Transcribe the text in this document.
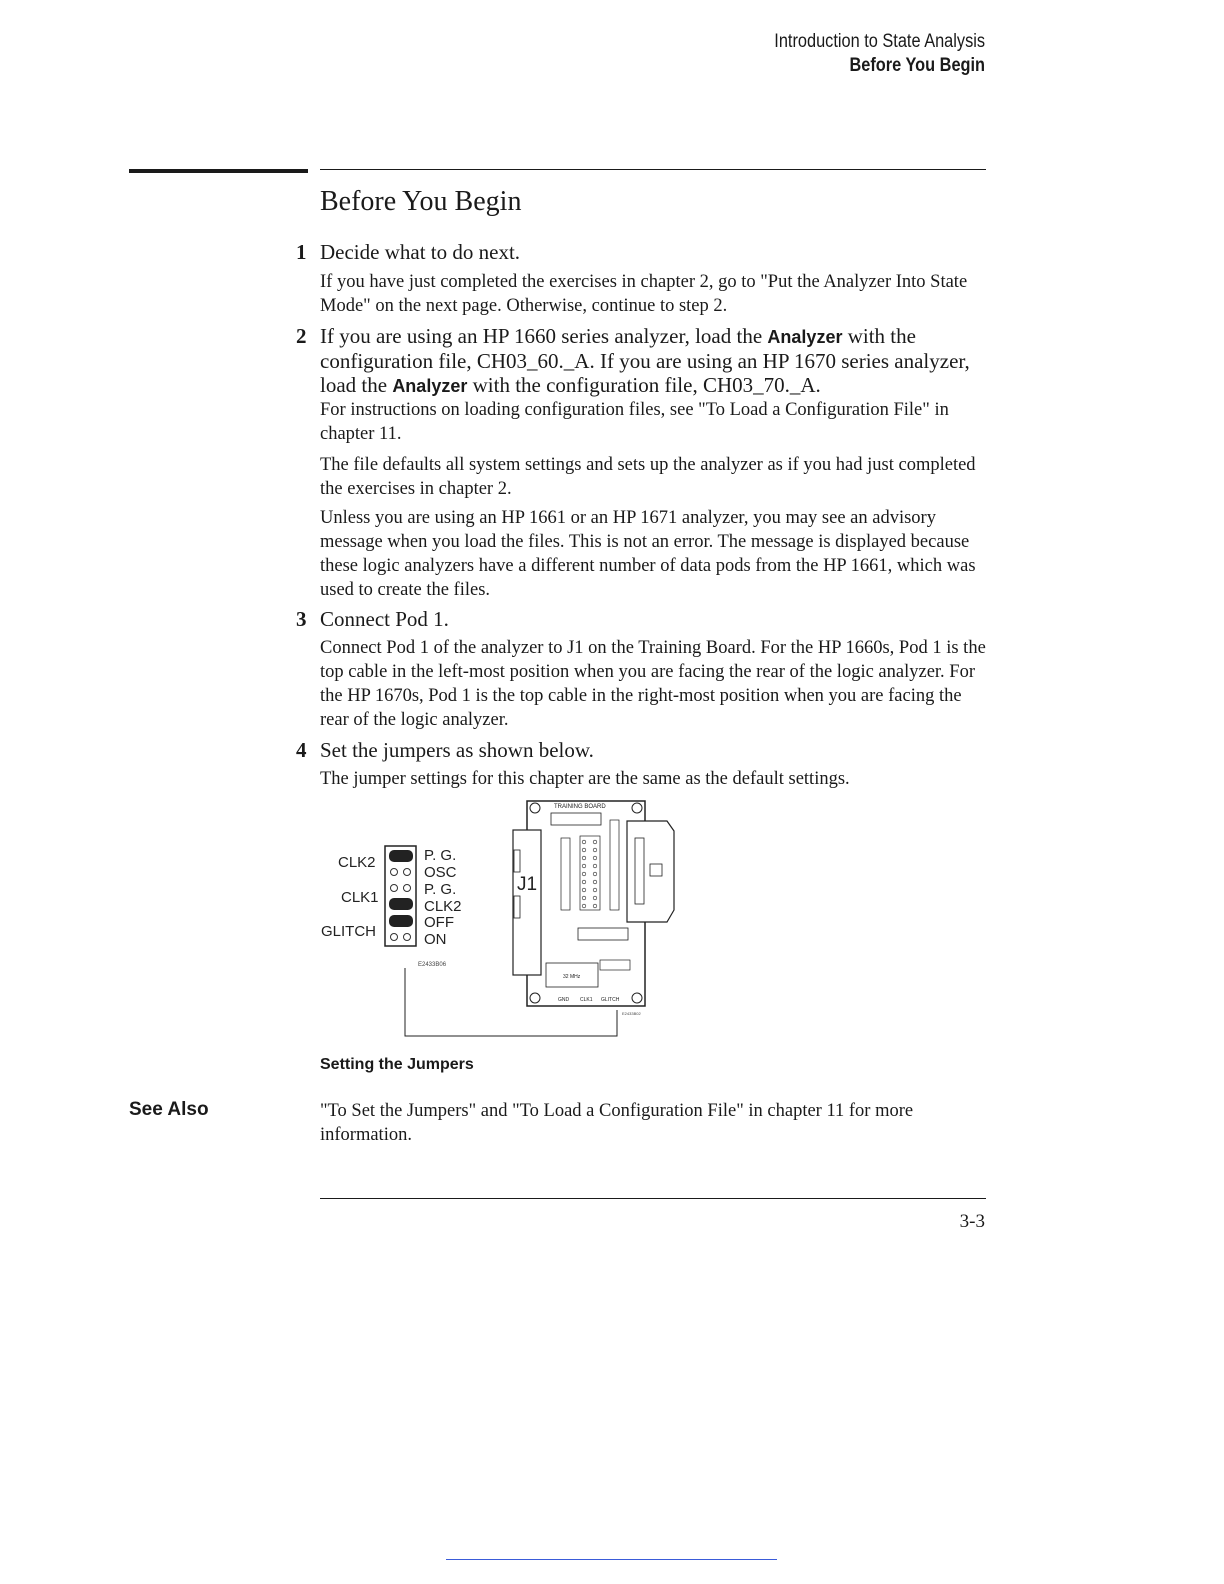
Introduction to State Analysis
Before You Begin
Before You Begin
1 Decide what to do next.
If you have just completed the exercises in chapter 2, go to "Put the Analyzer Into State Mode" on the next page. Otherwise, continue to step 2.
2 If you are using an HP 1660 series analyzer, load the Analyzer with the configuration file, CH03_60._A. If you are using an HP 1670 series analyzer, load the Analyzer with the configuration file, CH03_70._A.
For instructions on loading configuration files, see "To Load a Configuration File" in chapter 11.
The file defaults all system settings and sets up the analyzer as if you had just completed the exercises in chapter 2.
Unless you are using an HP 1661 or an HP 1671 analyzer, you may see an advisory message when you load the files. This is not an error. The message is displayed because these logic analyzers have a different number of data pods from the HP 1661, which was used to create the files.
3 Connect Pod 1.
Connect Pod 1 of the analyzer to J1 on the Training Board. For the HP 1660s, Pod 1 is the top cable in the left-most position when you are facing the rear of the logic analyzer. For the HP 1670s, Pod 1 is the top cable in the right-most position when you are facing the rear of the logic analyzer.
4 Set the jumpers as shown below.
The jumper settings for this chapter are the same as the default settings.
CLK2
CLK1
GLITCH
P. G.
OSC
P. G.
CLK2
OFF
ON
E2433B06
TRAINING BOARD
J1
32 MHz
GND CLK1 GLITCH
E2433B02
Setting the Jumpers
See Also	"To Set the Jumpers" and "To Load a Configuration File" in chapter 11 for more information.
3-3
